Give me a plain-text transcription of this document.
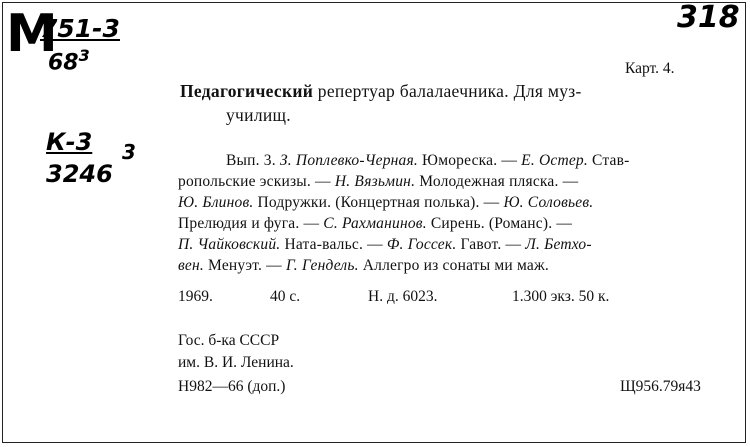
М
751-3
$68^3$
К-3 3
3246
318
Карт. 4.
Педагогический репертуар балалаечника. Для муз-
училищ.
Вып. 3. З. Поплевко-Черная. Юмореска. — Е. Остер. Став-
ропольские эскизы. — Н. Вязьмин. Молодежная пляска. —
Ю. Блинов. Подружки. (Концертная полька). — Ю. Соловьев.
Прелюдия и фуга. — С. Рахманинов. Сирень. (Романс). —
П. Чайковский. Ната-вальс. — Ф. Госсек. Гавот. — Л. Бетхо-
вен. Менуэт. — Г. Гендель. Аллегро из сонаты ми маж.
1969.	40 с.	Н. д. 6023.	1.300 экз. 50 к.
Гос. б-ка СССР
им. В. И. Ленина.
Н982—66 (доп.)	Щ956.79я43
